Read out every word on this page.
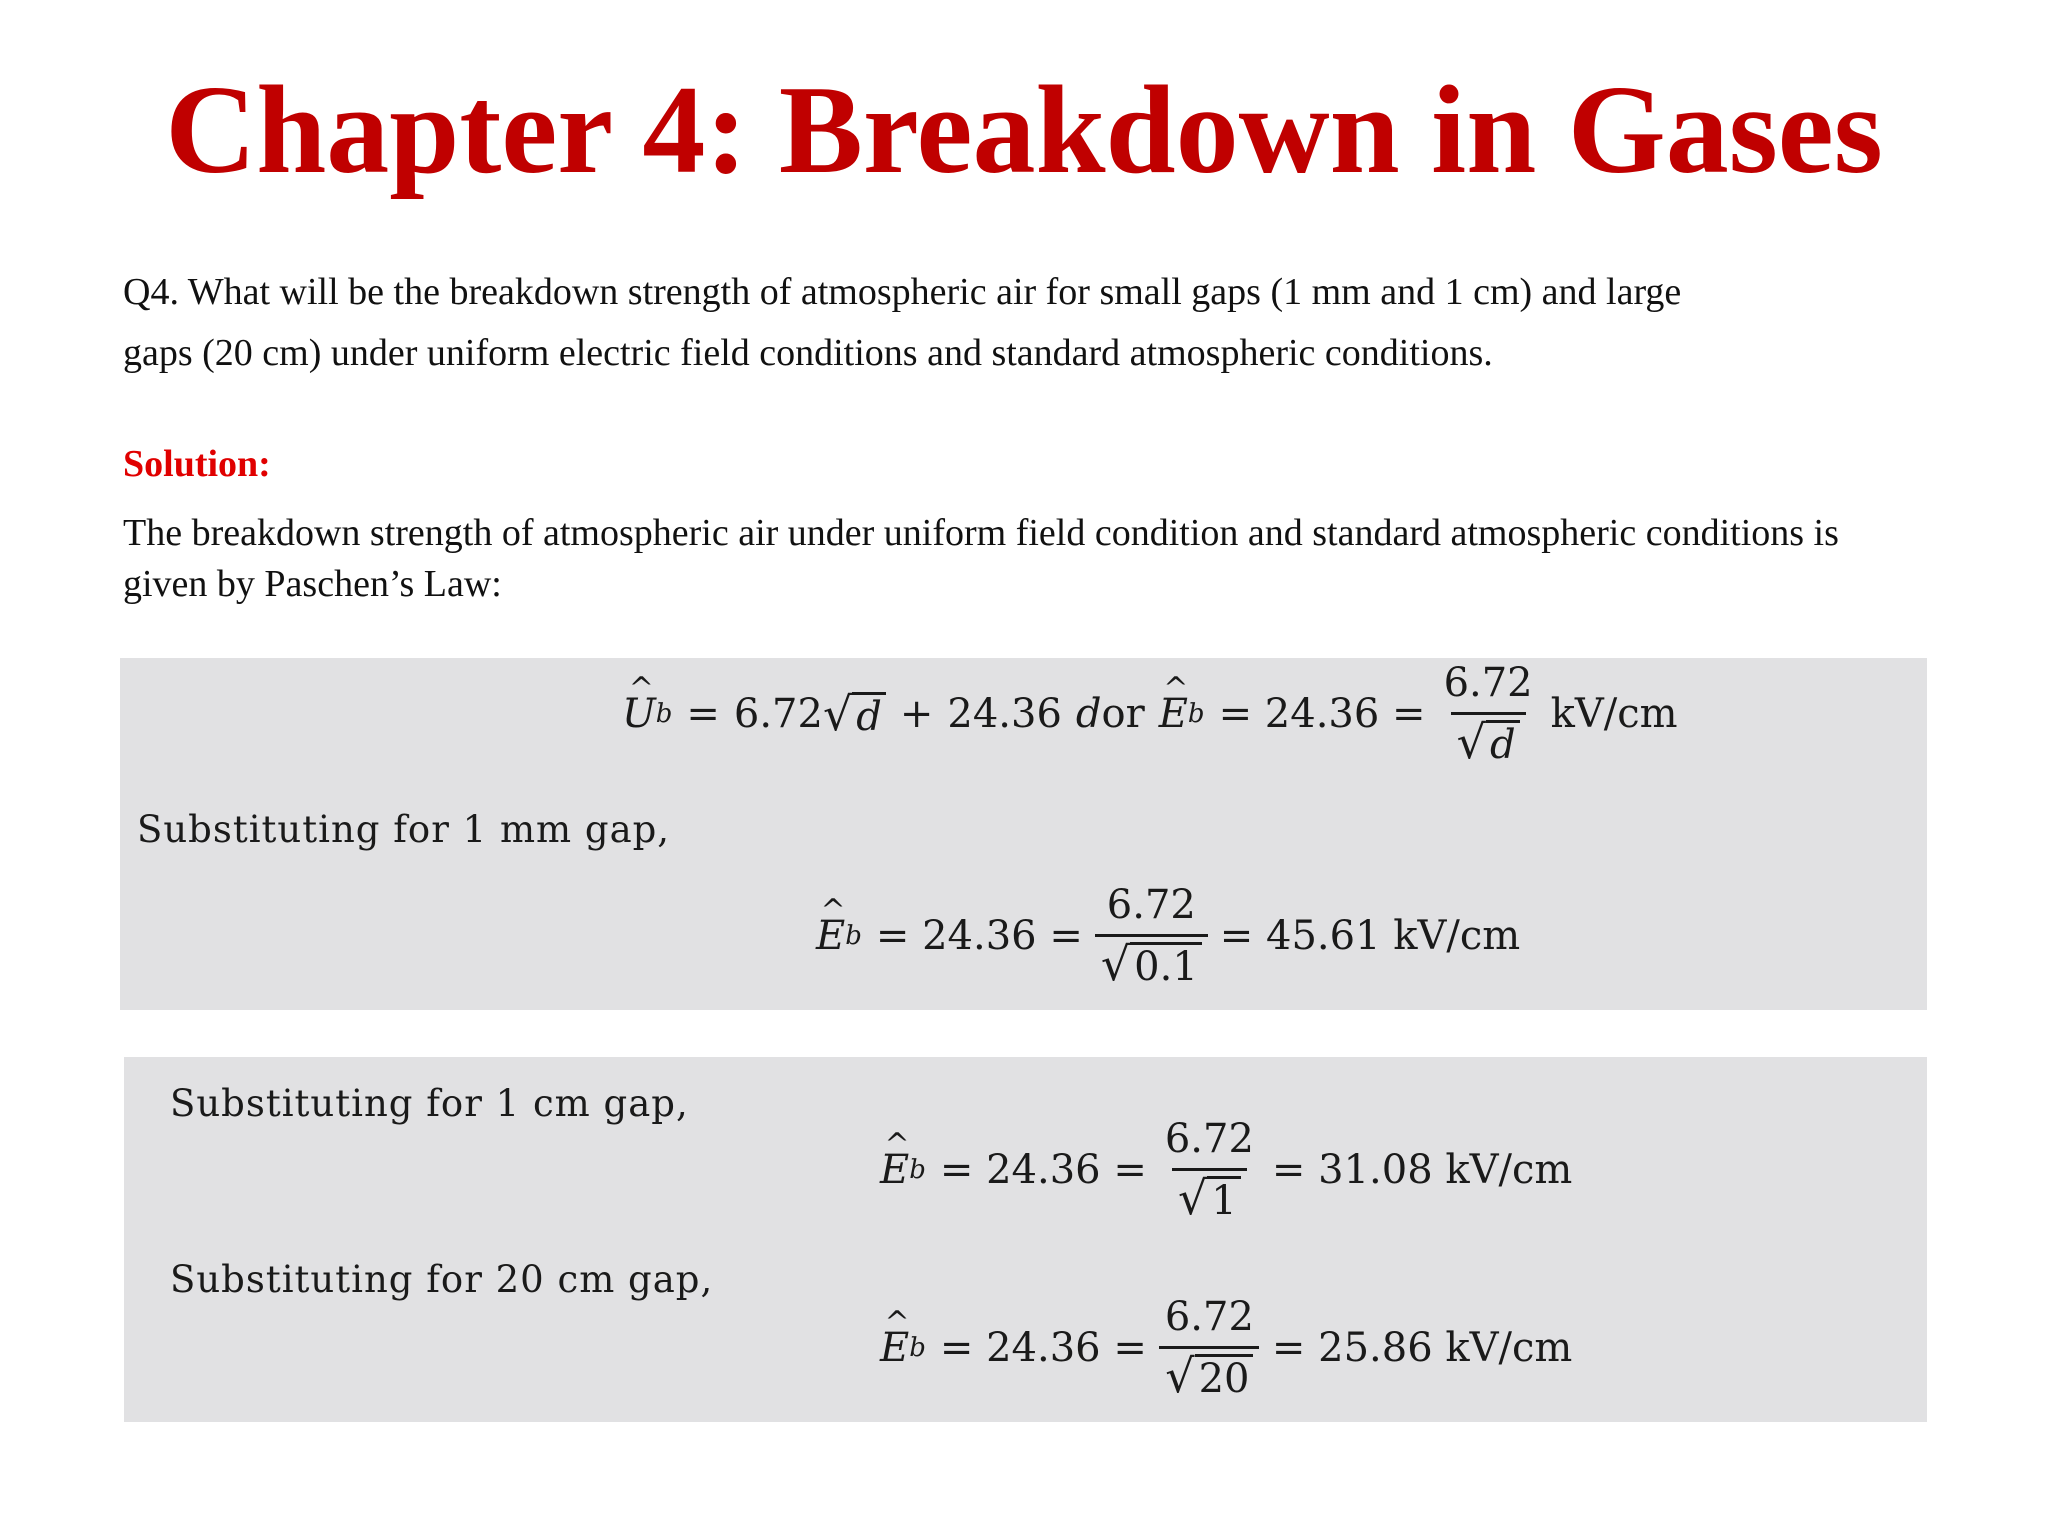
Chapter 4: Breakdown in Gases
Q4. What will be the breakdown strength of atmospheric air for small gaps (1 mm and 1 cm) and large
gaps (20 cm) under uniform electric field conditions and standard atmospheric conditions.
Solution:
The breakdown strength of atmospheric air under uniform field condition and standard atmospheric conditions is
given by Paschen’s Law:
^ U b = 6.72 √ d + 24.36 d or
^ E $b = 24.36 = \frac{6.72}{√ d} kV/cm$
Substituting for 1 mm gap,
^ E $b = 24.36 = \frac{6.72}{√ 0.1} = 45.61$ kV/cm
Substituting for 1 cm gap,
^ E $b = 24.36 = \frac{6.72}{√ 1} = 31.08$ kV/cm
Substituting for 20 cm gap,
^ E $b = 24.36 = \frac{6.72}{√ 20} = 25.86$ kV/cm
